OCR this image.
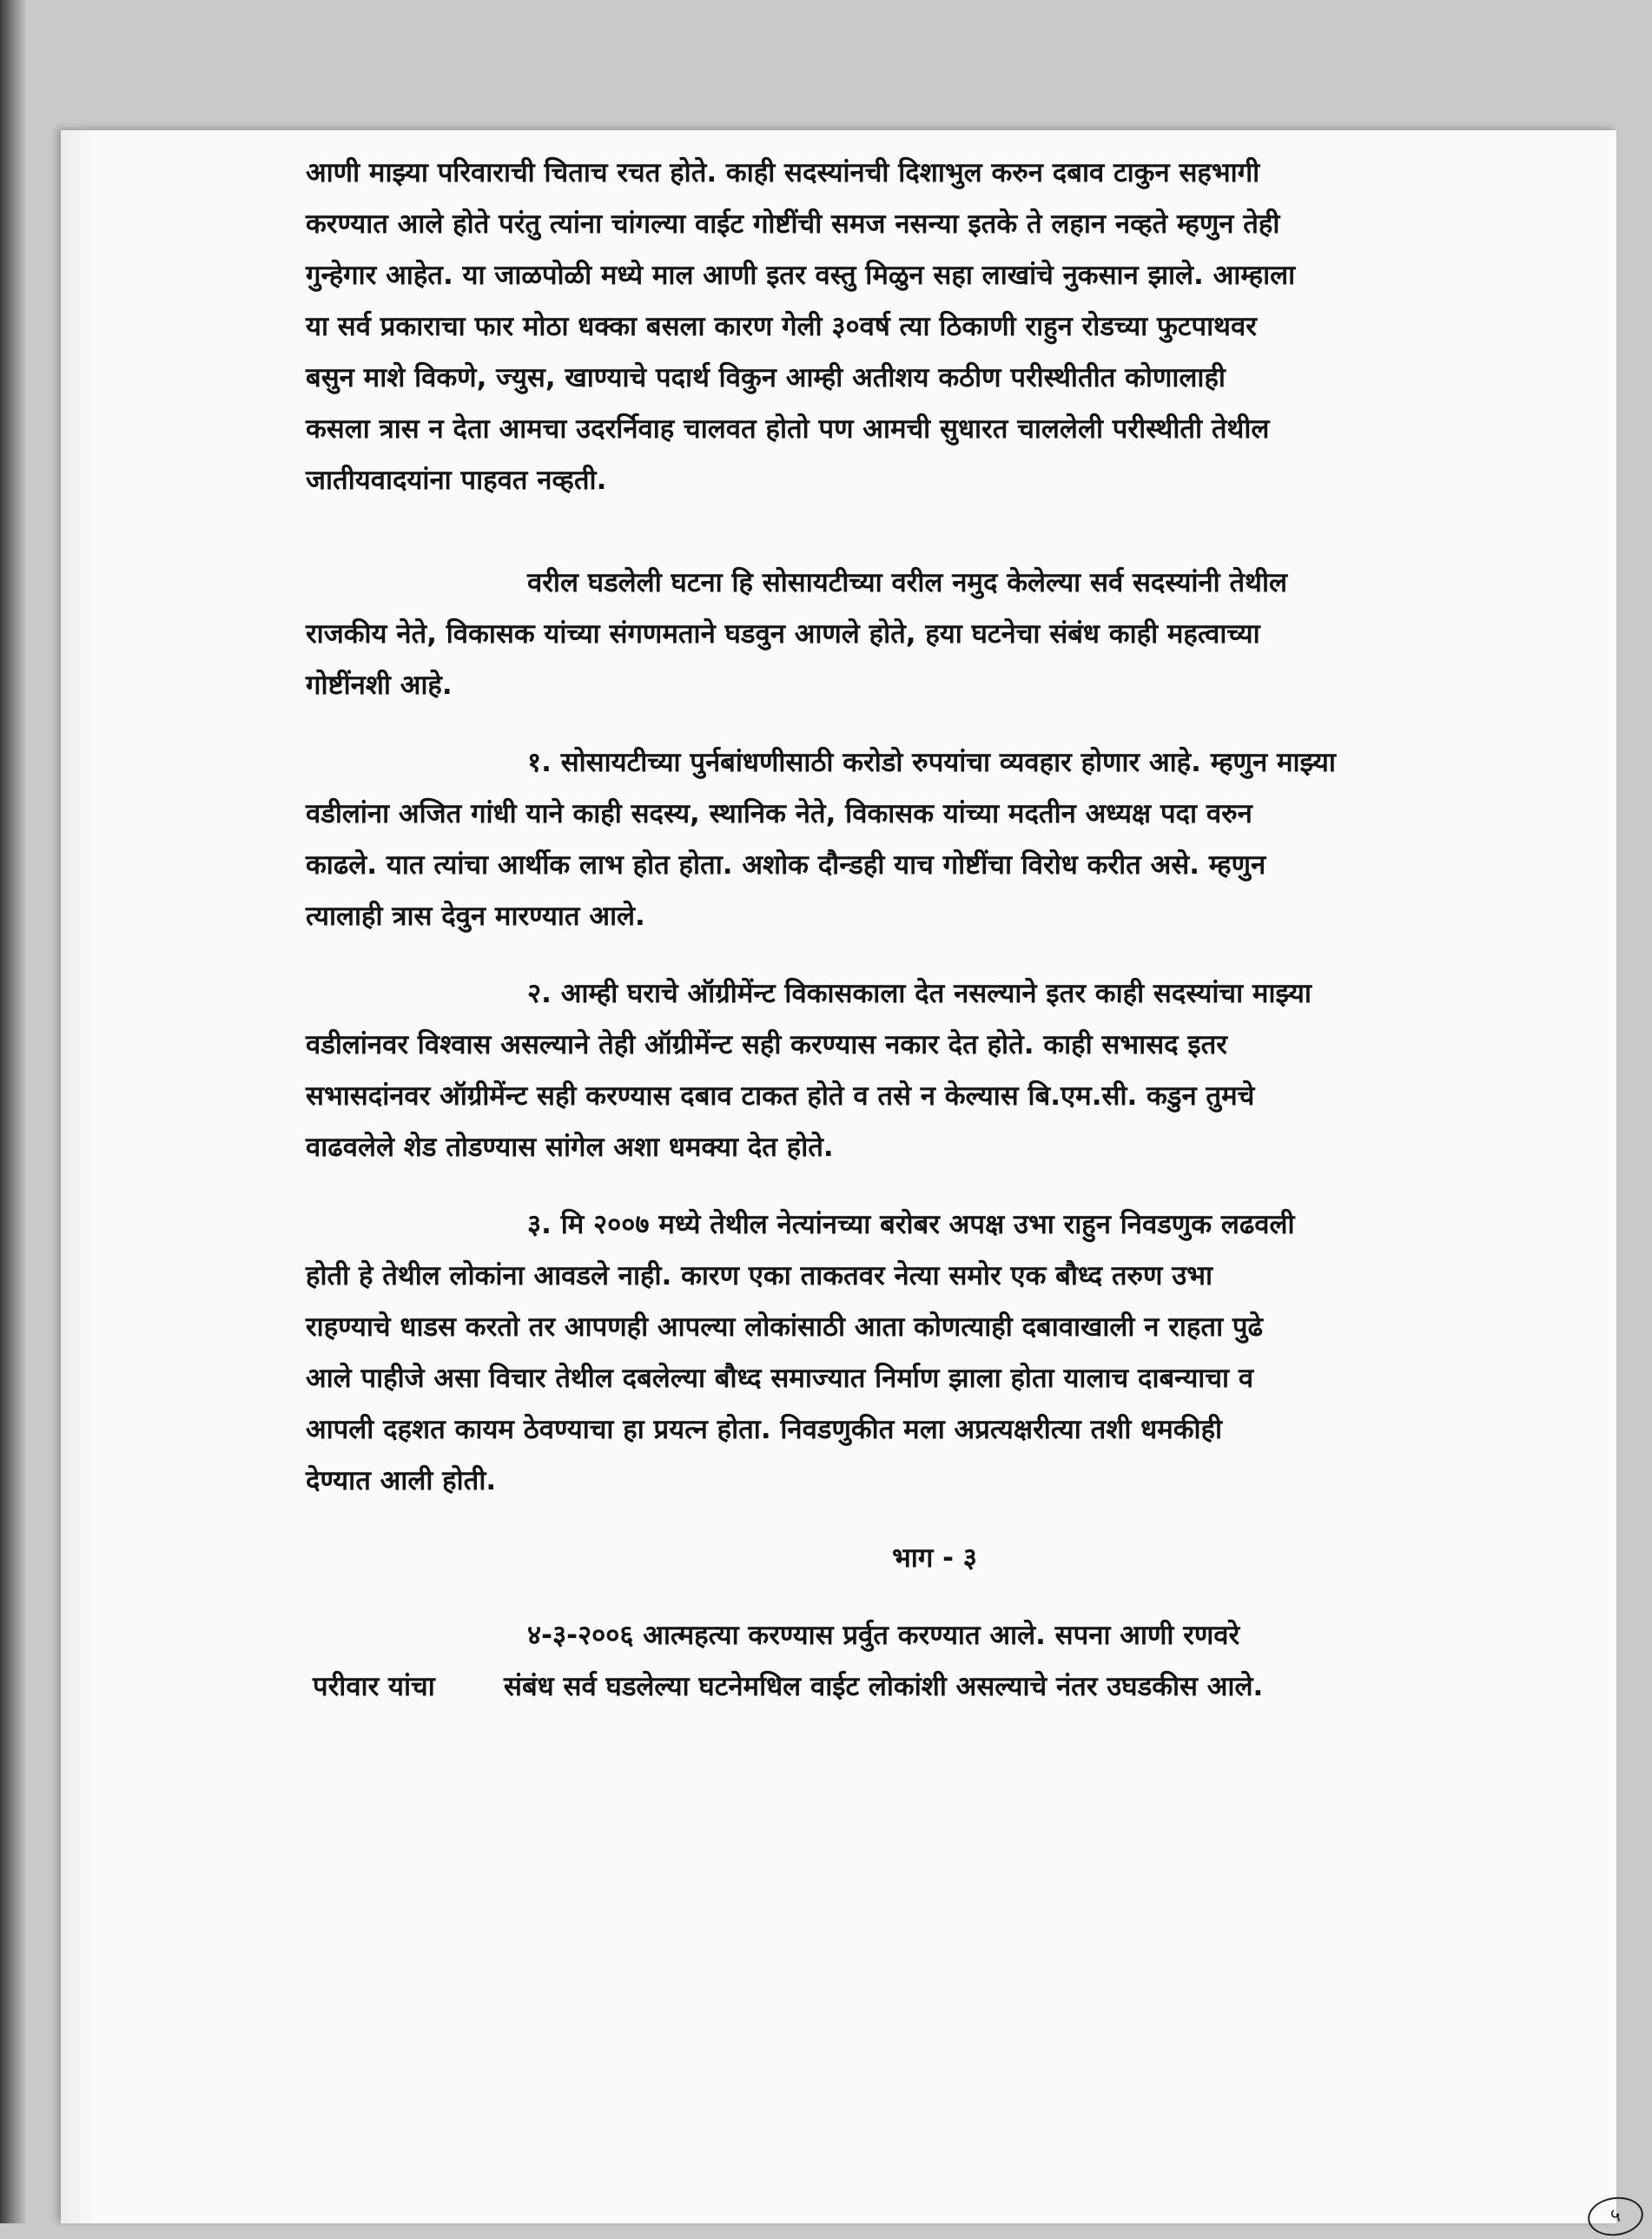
आणी माझ्या परिवाराची चिताच रचत होते. काही सदस्यांनची दिशाभुल करुन दबाव टाकुन सहभागी
करण्यात आले होते परंतु त्यांना चांगल्या वाईट गोष्टींची समज नसन्या इतके ते लहान नव्हते म्हणुन तेही
गुन्हेगार आहेत. या जाळपोळी मध्ये माल आणी इतर वस्तु मिळुन सहा लाखांचे नुकसान झाले. आम्हाला
या सर्व प्रकाराचा फार मोठा धक्का बसला कारण गेली ३०वर्ष त्या ठिकाणी राहुन रोडच्या फुटपाथवर
बसुन माशे विकणे, ज्युस, खाण्याचे पदार्थ विकुन आम्ही अतीशय कठीण परीस्थीतीत कोणालाही
कसला त्रास न देता आमचा उदरर्निवाह चालवत होतो पण आमची सुधारत चाललेली परीस्थीती तेथील
जातीयवादयांना पाहवत नव्हती.
वरील घडलेली घटना हि सोसायटीच्या वरील नमुद केलेल्या सर्व सदस्यांनी तेथील
राजकीय नेते, विकासक यांच्या संगणमताने घडवुन आणले होते, हया घटनेचा संबंध काही महत्वाच्या
गोष्टींनशी आहे.
१. सोसायटीच्या पुर्नबांधणीसाठी करोडो रुपयांचा व्यवहार होणार आहे. म्हणुन माझ्या
वडीलांना अजित गांधी याने काही सदस्य, स्थानिक नेते, विकासक यांच्या मदतीन अध्यक्ष पदा वरुन
काढले. यात त्यांचा आर्थीक लाभ होत होता. अशोक दौन्डही याच गोष्टींचा विरोध करीत असे. म्हणुन
त्यालाही त्रास देवुन मारण्यात आले.
२. आम्ही घराचे ऑग्रीमेंन्ट विकासकाला देत नसल्याने इतर काही सदस्यांचा माझ्या
वडीलांनवर विश्वास असल्याने तेही ऑग्रीमेंन्ट सही करण्यास नकार देत होते. काही सभासद इतर
सभासदांनवर ऑग्रीमेंन्ट सही करण्यास दबाव टाकत होते व तसे न केल्यास बि.एम.सी. कडुन तुमचे
वाढवलेले शेड तोडण्यास सांगेल अशा धमक्या देत होते.
३. मि २००७ मध्ये तेथील नेत्यांनच्या बरोबर अपक्ष उभा राहुन निवडणुक लढवली
होती हे तेथील लोकांना आवडले नाही. कारण एका ताकतवर नेत्या समोर एक बौध्द तरुण उभा
राहण्याचे धाडस करतो तर आपणही आपल्या लोकांसाठी आता कोणत्याही दबावाखाली न राहता पुढे
आले पाहीजे असा विचार तेथील दबलेल्या बौध्द समाज्यात निर्माण झाला होता यालाच दाबन्याचा व
आपली दहशत कायम ठेवण्याचा हा प्रयत्न होता. निवडणुकीत मला अप्रत्यक्षरीत्या तशी धमकीही
देण्यात आली होती.
भाग - ३
४-३-२००६ आत्महत्या करण्यास प्रर्वुत करण्यात आले. सपना आणी रणवरे
परीवार यांचा	संबंध सर्व घडलेल्या घटनेमधिल वाईट लोकांशी असल्याचे नंतर उघडकीस आले.
५
